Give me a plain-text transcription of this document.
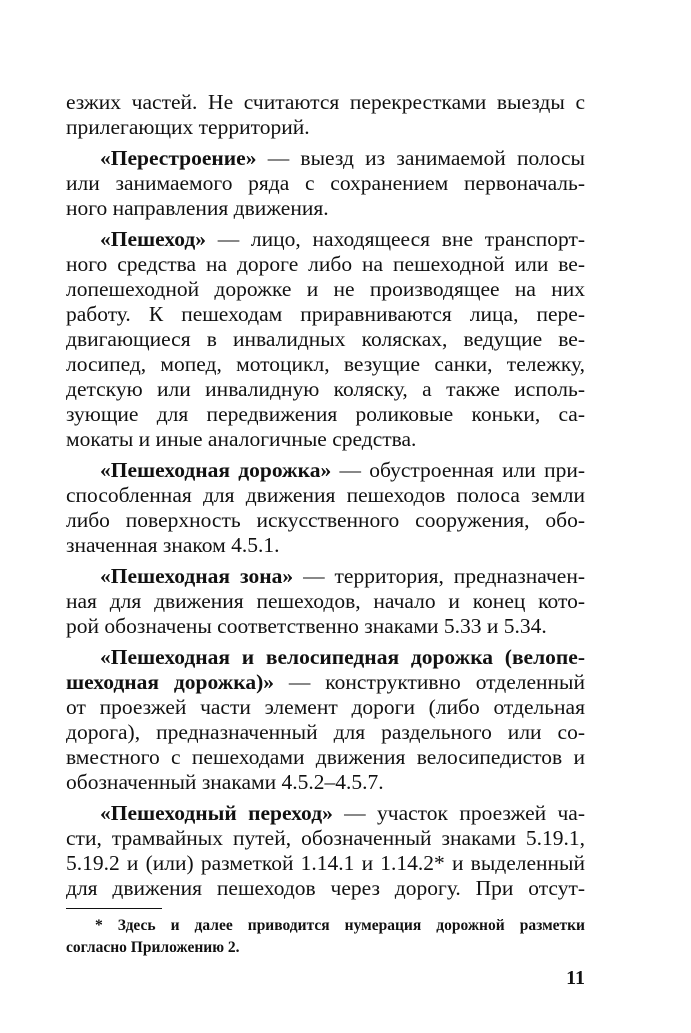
езжих частей. Не считаются перекрестками выезды с
прилегающих территорий.
«Перестроение» — выезд из занимаемой полосы
или занимаемого ряда с сохранением первоначаль-
ного направления движения.
«Пешеход» — лицо, находящееся вне транспорт-
ного средства на дороге либо на пешеходной или ве-
лопешеходной дорожке и не производящее на них
работу. К пешеходам приравниваются лица, пере-
двигающиеся в инвалидных колясках, ведущие ве-
лосипед, мопед, мотоцикл, везущие санки, тележку,
детскую или инвалидную коляску, а также исполь-
зующие для передвижения роликовые коньки, са-
мокаты и иные аналогичные средства.
«Пешеходная дорожка» — обустроенная или при-
способленная для движения пешеходов полоса земли
либо поверхность искусственного сооружения, обо-
значенная знаком 4.5.1.
«Пешеходная зона» — территория, предназначен-
ная для движения пешеходов, начало и конец кото-
рой обозначены соответственно знаками 5.33 и 5.34.
«Пешеходная и велосипедная дорожка (велопе-
шеходная дорожка)» — конструктивно отделенный
от проезжей части элемент дороги (либо отдельная
дорога), предназначенный для раздельного или со-
вместного с пешеходами движения велосипедистов и
обозначенный знаками 4.5.2–4.5.7.
«Пешеходный переход» — участок проезжей ча-
сти, трамвайных путей, обозначенный знаками 5.19.1,
5.19.2 и (или) разметкой 1.14.1 и 1.14.2* и выделенный
для движения пешеходов через дорогу. При отсут-
* Здесь и далее приводится нумерация дорожной разметки
согласно Приложению 2.
11
